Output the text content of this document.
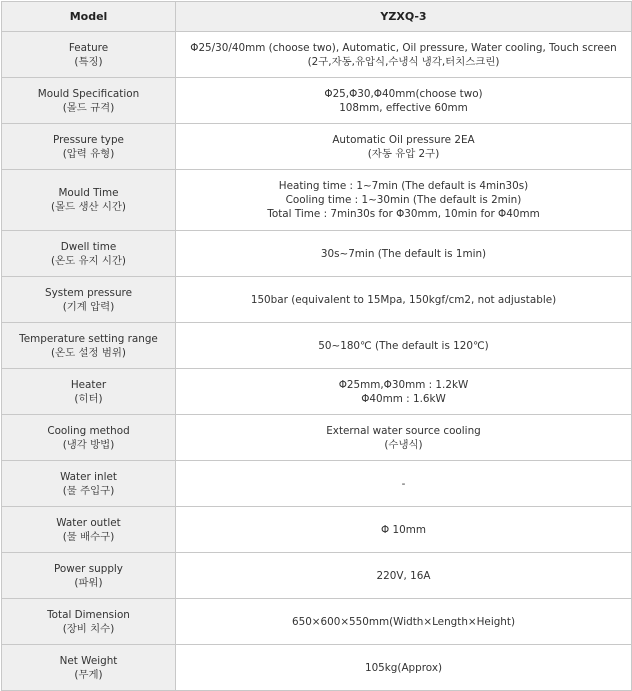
Model	YZXQ-3

Feature
(특징)	Φ25/30/40mm (choose two), Automatic, Oil pressure, Water cooling, Touch screen
(2구,자동,유압식,수냉식 냉각,터치스크린)

Mould Specification
(몰드 규격)	Φ25,Φ30,Φ40mm(choose two)
108mm, effective 60mm

Pressure type
(압력 유형)	Automatic Oil pressure 2EA
(자동 유압 2구)

Mould Time
(몰드 생산 시간)	Heating time : 1~7min (The default is 4min30s)
Cooling time : 1~30min (The default is 2min)
Total Time : 7min30s for Φ30mm, 10min for Φ40mm

Dwell time
(온도 유지 시간)	30s~7min (The default is 1min)

System pressure
(기계 압력)	150bar (equivalent to 15Mpa, 150kgf/cm2, not adjustable)

Temperature setting range
(온도 설정 범위)	50~180℃ (The default is 120℃)

Heater
(히터)	Φ25mm,Φ30mm : 1.2kW
Φ40mm : 1.6kW

Cooling method
(냉각 방법)	External water source cooling
(수냉식)

Water inlet
(물 주입구)	-

Water outlet
(물 배수구)	Φ 10mm

Power supply
(파워)	220V, 16A

Total Dimension
(장비 치수)	650×600×550mm(Width×Length×Height)

Net Weight
(무게)	105kg(Approx)
